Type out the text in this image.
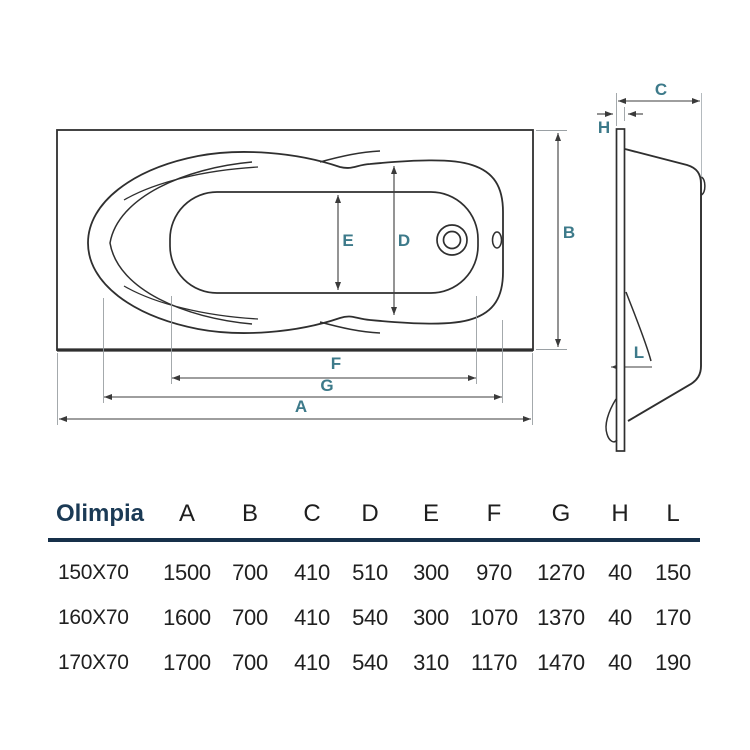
E	D	B
F
G
A
C
H
L
Olimpia	A	B	C	D	E	F	G	H	L
150X70	1500 700	410	510	300	970	1270	40	150
160X70	1600 700	410	540	300 1070 1370	40	170
170X70	1700 700	410	540	310	1170 1470	40	190
